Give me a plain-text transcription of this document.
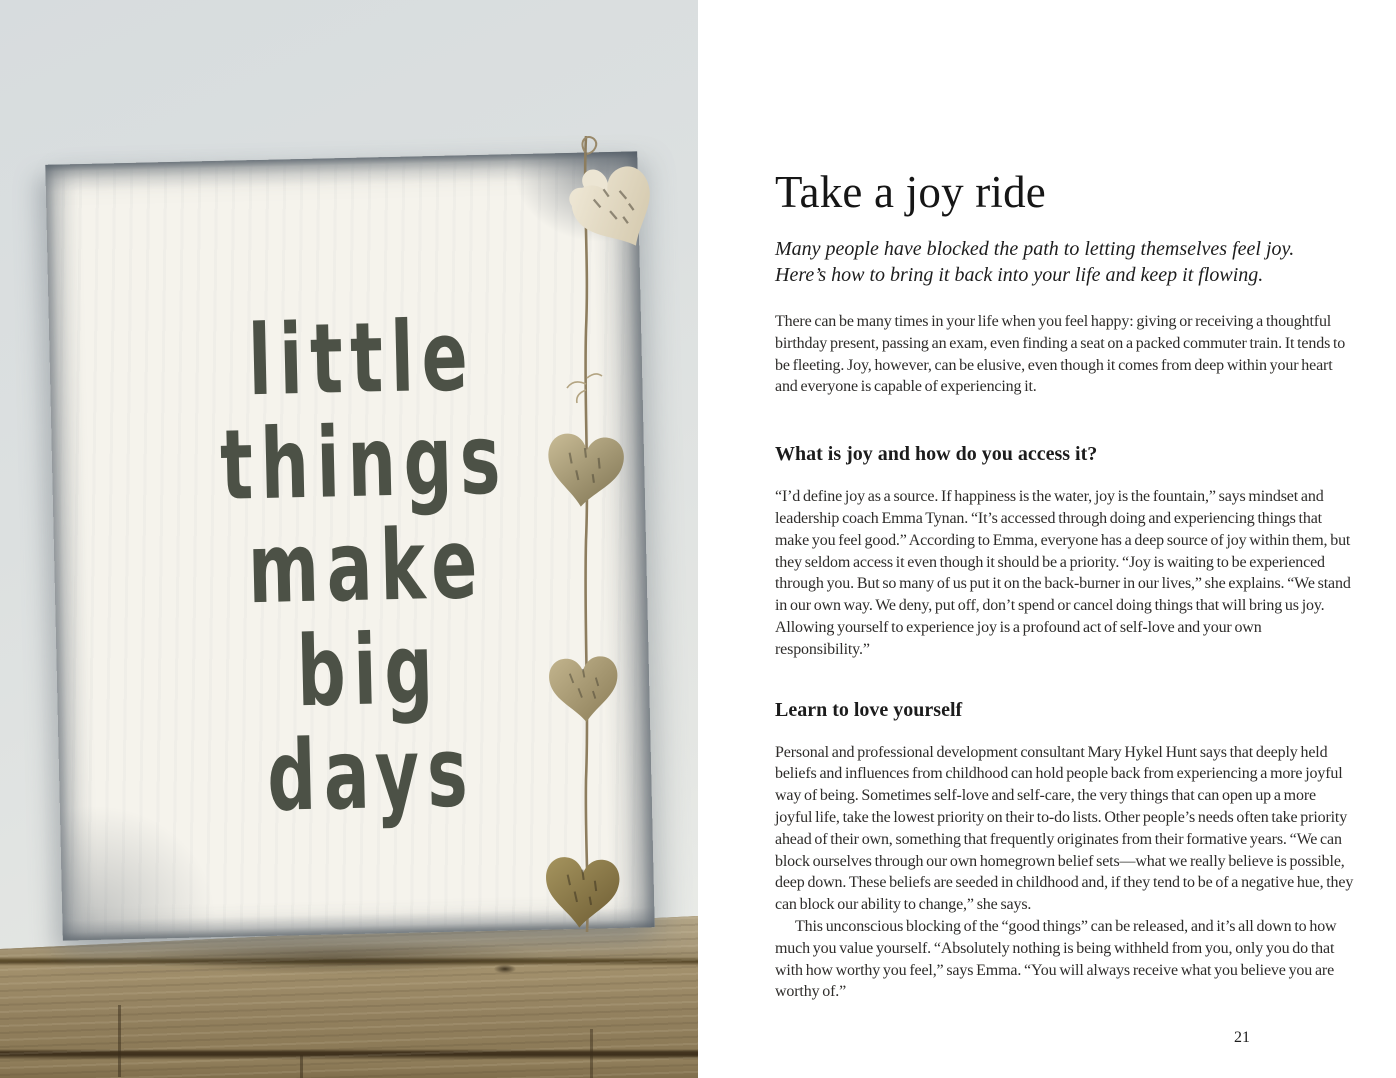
little
things
make
big
days
Take a joy ride
Many people have blocked the path to letting themselves feel joy.
Here’s how to bring it back into your life and keep it flowing.

There can be many times in your life when you feel happy: giving or receiving a thoughtful birthday present, passing an exam, even finding a seat on a packed commuter train. It tends to be fleeting. Joy, however, can be elusive, even though it comes from deep within your heart and everyone is capable of experiencing it.

What is joy and how do you access it?

“I’d define joy as a source. If happiness is the water, joy is the fountain,” says mindset and leadership coach Emma Tynan. “It’s accessed through doing and experiencing things that make you feel good.” According to Emma, everyone has a deep source of joy within them, but they seldom access it even though it should be a priority. “Joy is waiting to be experienced through you. But so many of us put it on the back-burner in our lives,” she explains. “We stand in our own way. We deny, put off, don’t spend or cancel doing things that will bring us joy. Allowing yourself to experience joy is a profound act of self-love and your own responsibility.”

Learn to love yourself

Personal and professional development consultant Mary Hykel Hunt says that deeply held beliefs and influences from childhood can hold people back from experiencing a more joyful way of being. Sometimes self-love and self-care, the very things that can open up a more joyful life, take the lowest priority on their to-do lists. Other people’s needs often take priority ahead of their own, something that frequently originates from their formative years. “We can block ourselves through our own homegrown belief sets—what we really believe is possible, deep down. These beliefs are seeded in childhood and, if they tend to be of a negative hue, they can block our ability to change,” she says.

This unconscious blocking of the “good things” can be released, and it’s all down to how much you value yourself. “Absolutely nothing is being withheld from you, only you do that with how worthy you feel,” says Emma. “You will always receive what you believe you are worthy of.”

21
